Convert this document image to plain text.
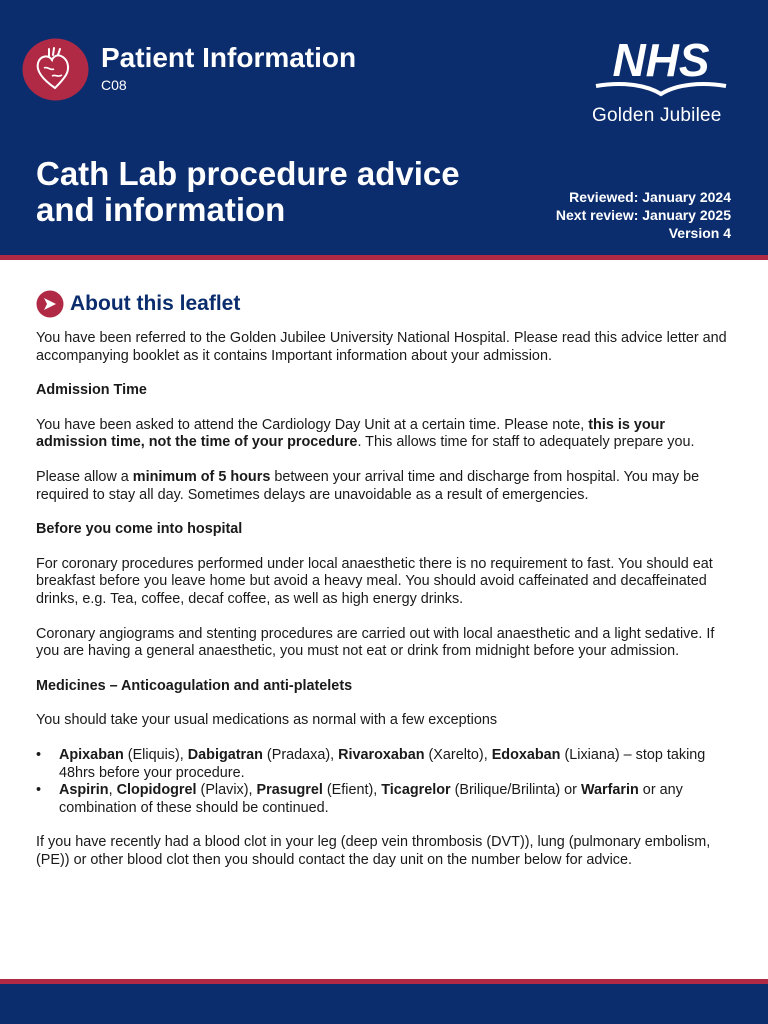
Patient Information
C08	NHS
Golden Jubilee
Cath Lab procedure advice
and information	Reviewed: January 2024
Next review: January 2025
Version 4
About this leaflet

You have been referred to the Golden Jubilee University National Hospital. Please read this advice letter and accompanying booklet as it contains Important information about your admission.

Admission Time

You have been asked to attend the Cardiology Day Unit at a certain time. Please note, this is your admission time, not the time of your procedure. This allows time for staff to adequately prepare you.

Please allow a minimum of 5 hours between your arrival time and discharge from hospital. You may be required to stay all day. Sometimes delays are unavoidable as a result of emergencies.

Before you come into hospital

For coronary procedures performed under local anaesthetic there is no requirement to fast. You should eat breakfast before you leave home but avoid a heavy meal. You should avoid caffeinated and decaffeinated drinks, e.g. Tea, coffee, decaf coffee, as well as high energy drinks.

Coronary angiograms and stenting procedures are carried out with local anaesthetic and a light sedative. If you are having a general anaesthetic, you must not eat or drink from midnight before your admission.

Medicines – Anticoagulation and anti-platelets

You should take your usual medications as normal with a few exceptions

• Apixaban (Eliquis), Dabigatran (Pradaxa), Rivaroxaban (Xarelto), Edoxaban (Lixiana) – stop taking 48hrs before your procedure.
• Aspirin, Clopidogrel (Plavix), Prasugrel (Efient), Ticagrelor (Brilique/Brilinta) or Warfarin or any combination of these should be continued.

If you have recently had a blood clot in your leg (deep vein thrombosis (DVT)), lung (pulmonary embolism, (PE)) or other blood clot then you should contact the day unit on the number below for advice.
